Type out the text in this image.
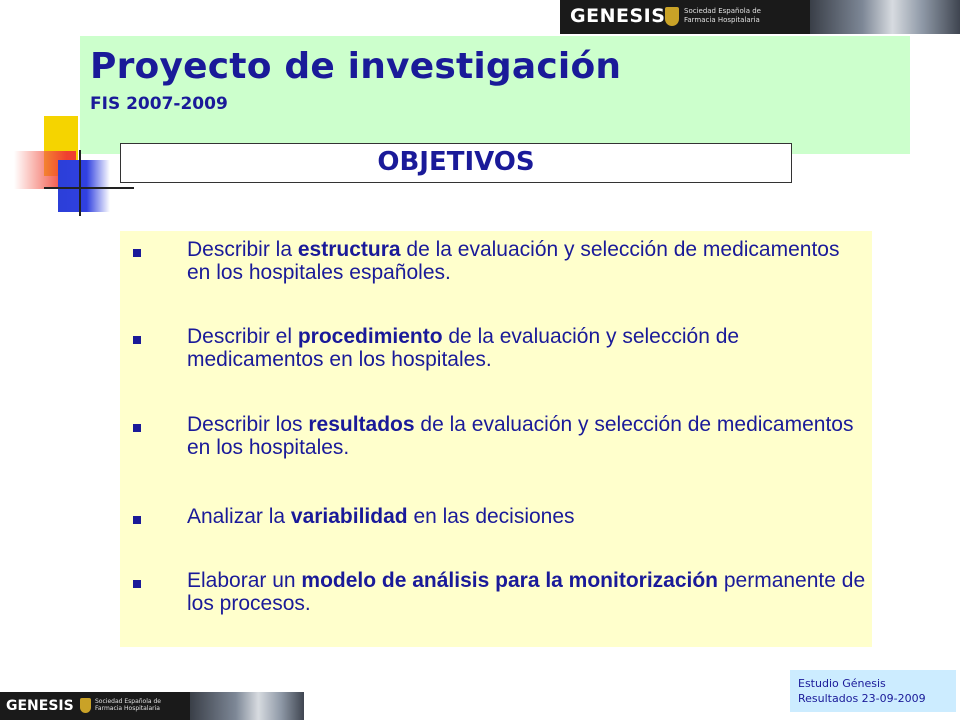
Proyecto de investigación
FIS 2007-2009
OBJETIVOS
GENESIS	Sociedad Española de
Farmacia Hospitalaria
Describir la estructura de la evaluación y selección de medicamentos en los hospitales españoles.
Describir el procedimiento de la evaluación y selección de medicamentos en los hospitales.
Describir los resultados de la evaluación y selección de medicamentos en los hospitales.
Analizar la variabilidad en las decisiones
Elaborar un modelo de análisis para la monitorización permanente de los procesos.
GENESIS	Sociedad Española de
Farmacia Hospitalaria
Estudio Génesis
Resultados 23-09-2009
